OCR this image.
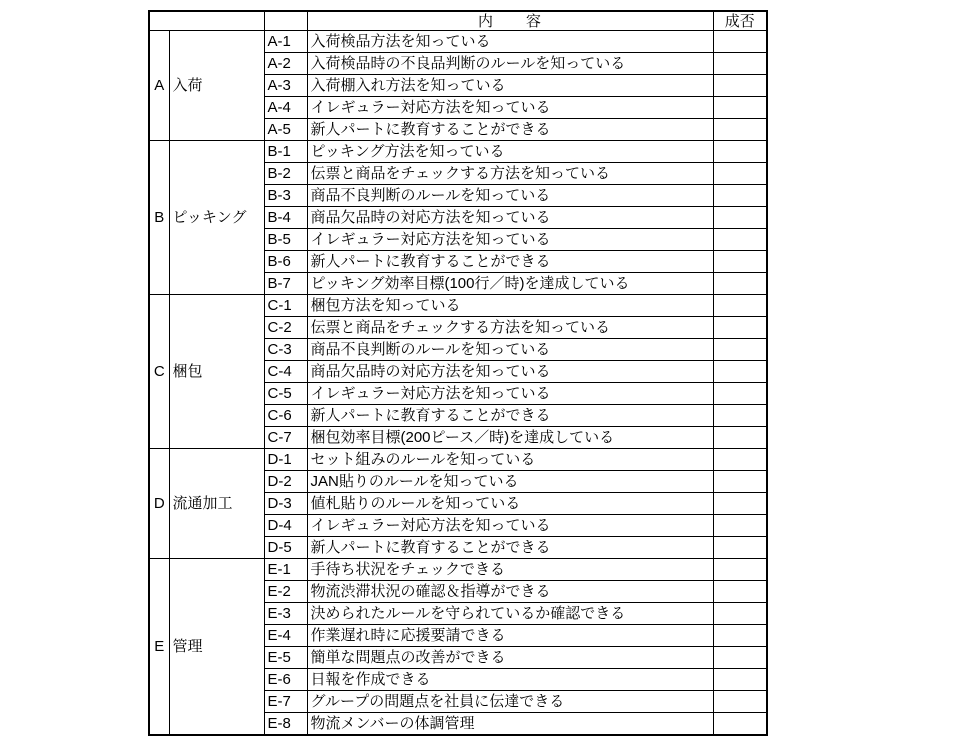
			内　　容	成否
A	入荷	A-1	入荷検品方法を知っている	
		A-2	入荷検品時の不良品判断のルールを知っている	
		A-3	入荷棚入れ方法を知っている	
		A-4	イレギュラー対応方法を知っている	
		A-5	新人パートに教育することができる	
B	ピッキング	B-1	ピッキング方法を知っている	
		B-2	伝票と商品をチェックする方法を知っている	
		B-3	商品不良判断のルールを知っている	
		B-4	商品欠品時の対応方法を知っている	
		B-5	イレギュラー対応方法を知っている	
		B-6	新人パートに教育することができる	
		B-7	ピッキング効率目標(100行／時)を達成している	
C	梱包	C-1	梱包方法を知っている	
		C-2	伝票と商品をチェックする方法を知っている	
		C-3	商品不良判断のルールを知っている	
		C-4	商品欠品時の対応方法を知っている	
		C-5	イレギュラー対応方法を知っている	
		C-6	新人パートに教育することができる	
		C-7	梱包効率目標(200ピース／時)を達成している	
D	流通加工	D-1	セット組みのルールを知っている	
		D-2	JAN貼りのルールを知っている	
		D-3	値札貼りのルールを知っている	
		D-4	イレギュラー対応方法を知っている	
		D-5	新人パートに教育することができる	
E	管理	E-1	手待ち状況をチェックできる	
		E-2	物流渋滞状況の確認＆指導ができる	
		E-3	決められたルールを守られているか確認できる	
		E-4	作業遅れ時に応援要請できる	
		E-5	簡単な問題点の改善ができる	
		E-6	日報を作成できる	
		E-7	グループの問題点を社員に伝達できる	
		E-8	物流メンバーの体調管理	
